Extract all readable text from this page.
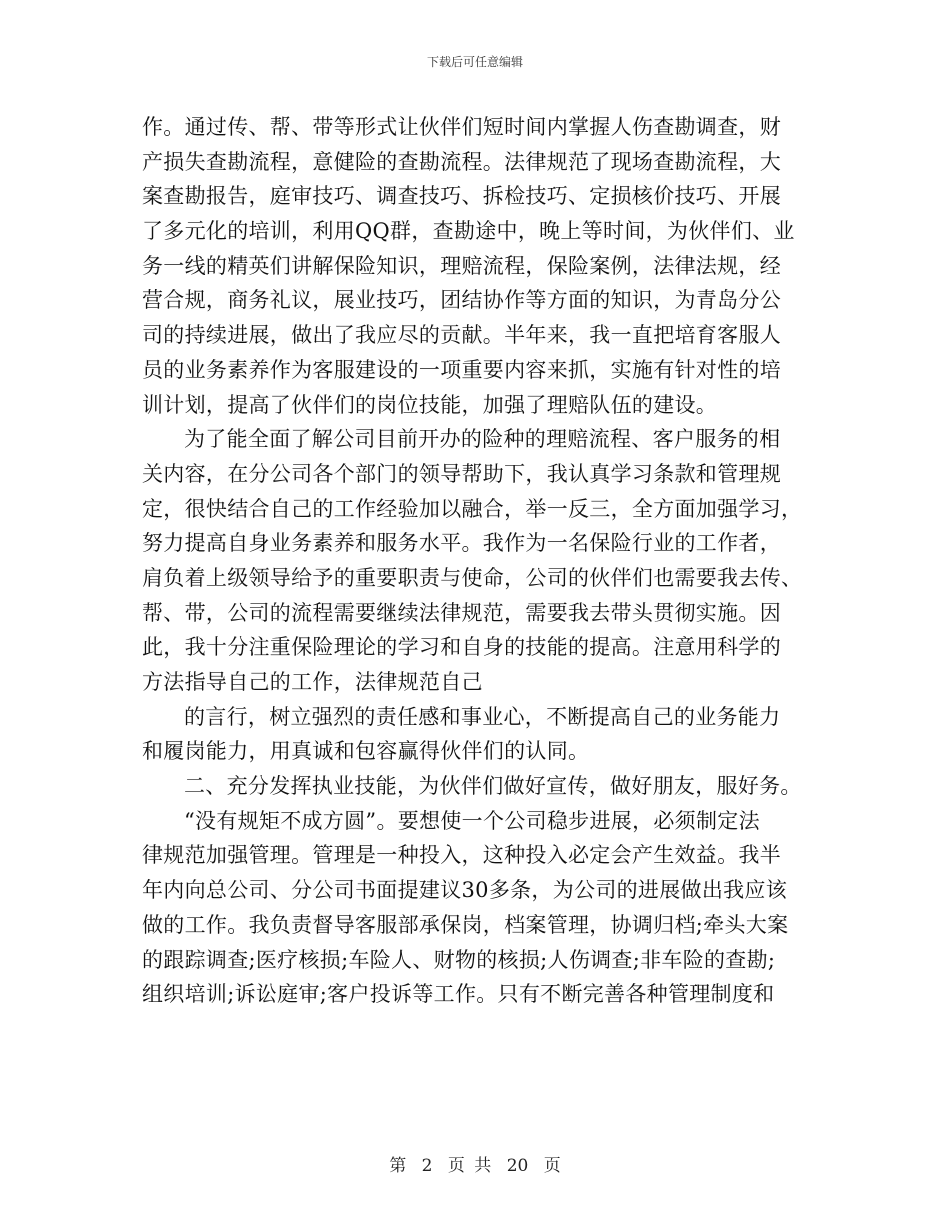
下载后可任意编辑
作。通过传、帮、带等形式让伙伴们短时间内掌握人伤查勘调查，财
产损失查勘流程，意健险的查勘流程。法律规范了现场查勘流程，大
案查勘报告，庭审技巧、调查技巧、拆检技巧、定损核价技巧、开展
了多元化的培训，利用QQ群，查勘途中，晚上等时间，为伙伴们、业
务一线的精英们讲解保险知识，理赔流程，保险案例，法律法规，经
营合规，商务礼议，展业技巧，团结协作等方面的知识，为青岛分公
司的持续进展，做出了我应尽的贡献。半年来，我一直把培育客服人
员的业务素养作为客服建设的一项重要内容来抓，实施有针对性的培
训计划，提高了伙伴们的岗位技能，加强了理赔队伍的建设。
为了能全面了解公司目前开办的险种的理赔流程、客户服务的相
关内容，在分公司各个部门的领导帮助下，我认真学习条款和管理规
定，很快结合自己的工作经验加以融合，举一反三，全方面加强学习，
努力提高自身业务素养和服务水平。我作为一名保险行业的工作者，
肩负着上级领导给予的重要职责与使命，公司的伙伴们也需要我去传、
帮、带，公司的流程需要继续法律规范，需要我去带头贯彻实施。因
此，我十分注重保险理论的学习和自身的技能的提高。注意用科学的
方法指导自己的工作，法律规范自己
的言行，树立强烈的责任感和事业心，不断提高自己的业务能力
和履岗能力，用真诚和包容赢得伙伴们的认同。
二、充分发挥执业技能，为伙伴们做好宣传，做好朋友，服好务。
“没有规矩不成方圆”。要想使一个公司稳步进展，必须制定法
律规范加强管理。管理是一种投入，这种投入必定会产生效益。我半
年内向总公司、分公司书面提建议30多条，为公司的进展做出我应该
做的工作。我负责督导客服部承保岗，档案管理，协调归档;牵头大案
的跟踪调查;医疗核损;车险人、财物的核损;人伤调查;非车险的查勘;
组织培训;诉讼庭审;客户投诉等工作。只有不断完善各种管理制度和
第 2 页 共 20 页
